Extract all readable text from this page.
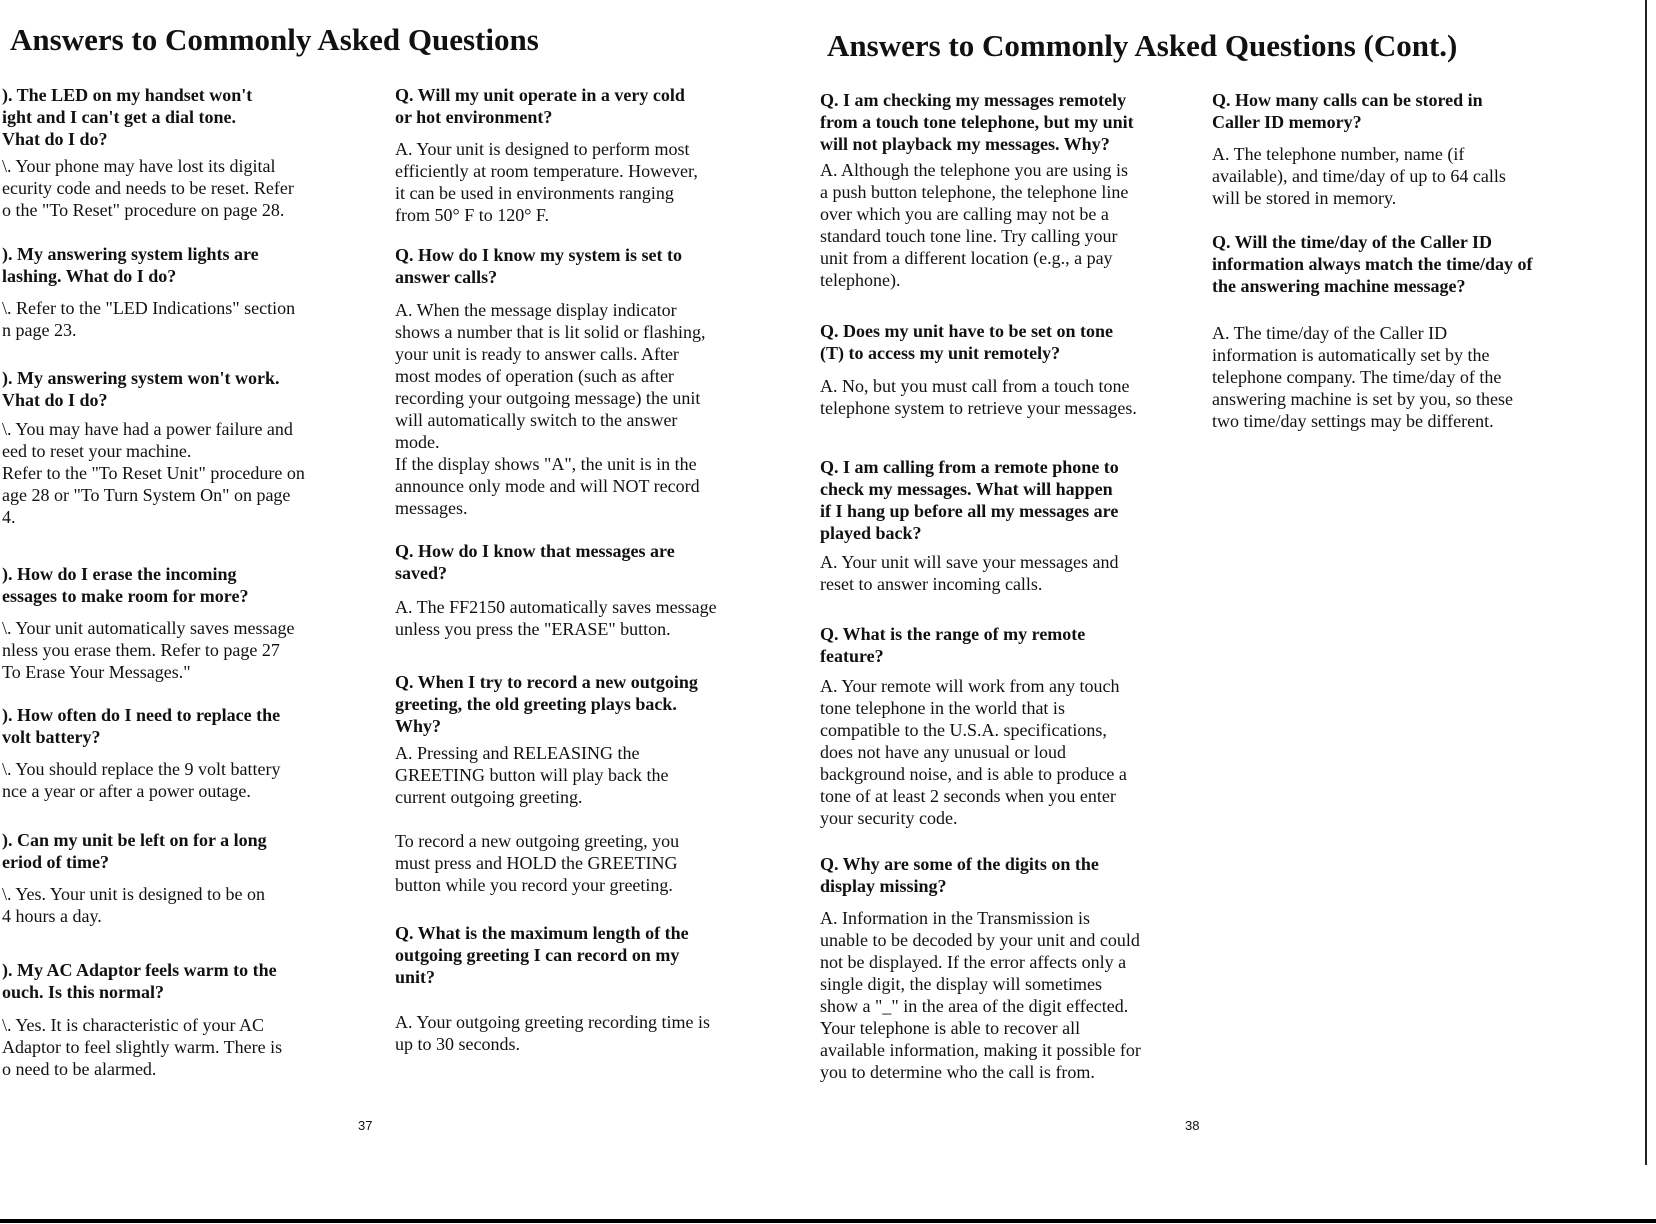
Answers to Commonly Asked Questions	Answers to Commonly Asked Questions (Cont.)
). The LED on my handset won't
ight and I can't get a dial tone.
Vhat do I do?
\. Your phone may have lost its digital
ecurity code and needs to be reset. Refer
o the "To Reset" procedure on page 28.
). My answering system lights are
lashing. What do I do?
\. Refer to the "LED Indications" section
n page 23.
). My answering system won't work.
Vhat do I do?
\. You may have had a power failure and
eed to reset your machine.
Refer to the "To Reset Unit" procedure on
age 28 or "To Turn System On" on page
4.
). How do I erase the incoming
essages to make room for more?
\. Your unit automatically saves message
nless you erase them. Refer to page 27
To Erase Your Messages."
). How often do I need to replace the
volt battery?
\. You should replace the 9 volt battery
nce a year or after a power outage.
). Can my unit be left on for a long
eriod of time?
\. Yes. Your unit is designed to be on
4 hours a day.
). My AC Adaptor feels warm to the
ouch. Is this normal?
\. Yes. It is characteristic of your AC
Adaptor to feel slightly warm. There is
o need to be alarmed.
Q. Will my unit operate in a very cold
or hot environment?
A. Your unit is designed to perform most
efficiently at room temperature. However,
it can be used in environments ranging
from 50° F to 120° F.
Q. How do I know my system is set to
answer calls?
A. When the message display indicator
shows a number that is lit solid or flashing,
your unit is ready to answer calls. After
most modes of operation (such as after
recording your outgoing message) the unit
will automatically switch to the answer
mode.
If the display shows "A", the unit is in the
announce only mode and will NOT record
messages.
Q. How do I know that messages are
saved?
A. The FF2150 automatically saves message
unless you press the "ERASE" button.
Q. When I try to record a new outgoing
greeting, the old greeting plays back.
Why?
A. Pressing and RELEASING the
GREETING button will play back the
current outgoing greeting.
To record a new outgoing greeting, you
must press and HOLD the GREETING
button while you record your greeting.
Q. What is the maximum length of the
outgoing greeting I can record on my
unit?
A. Your outgoing greeting recording time is
up to 30 seconds.
Q. I am checking my messages remotely
from a touch tone telephone, but my unit
will not playback my messages. Why?
A. Although the telephone you are using is
a push button telephone, the telephone line
over which you are calling may not be a
standard touch tone line. Try calling your
unit from a different location (e.g., a pay
telephone).
Q. Does my unit have to be set on tone
(T) to access my unit remotely?
A. No, but you must call from a touch tone
telephone system to retrieve your messages.
Q. I am calling from a remote phone to
check my messages. What will happen
if I hang up before all my messages are
played back?
A. Your unit will save your messages and
reset to answer incoming calls.
Q. What is the range of my remote
feature?
A. Your remote will work from any touch
tone telephone in the world that is
compatible to the U.S.A. specifications,
does not have any unusual or loud
background noise, and is able to produce a
tone of at least 2 seconds when you enter
your security code.
Q. Why are some of the digits on the
display missing?
A. Information in the Transmission is
unable to be decoded by your unit and could
not be displayed. If the error affects only a
single digit, the display will sometimes
show a "_" in the area of the digit effected.
Your telephone is able to recover all
available information, making it possible for
you to determine who the call is from.
Q. How many calls can be stored in
Caller ID memory?
A. The telephone number, name (if
available), and time/day of up to 64 calls
will be stored in memory.
Q. Will the time/day of the Caller ID
information always match the time/day of
the answering machine message?
A. The time/day of the Caller ID
information is automatically set by the
telephone company. The time/day of the
answering machine is set by you, so these
two time/day settings may be different.
37	38
